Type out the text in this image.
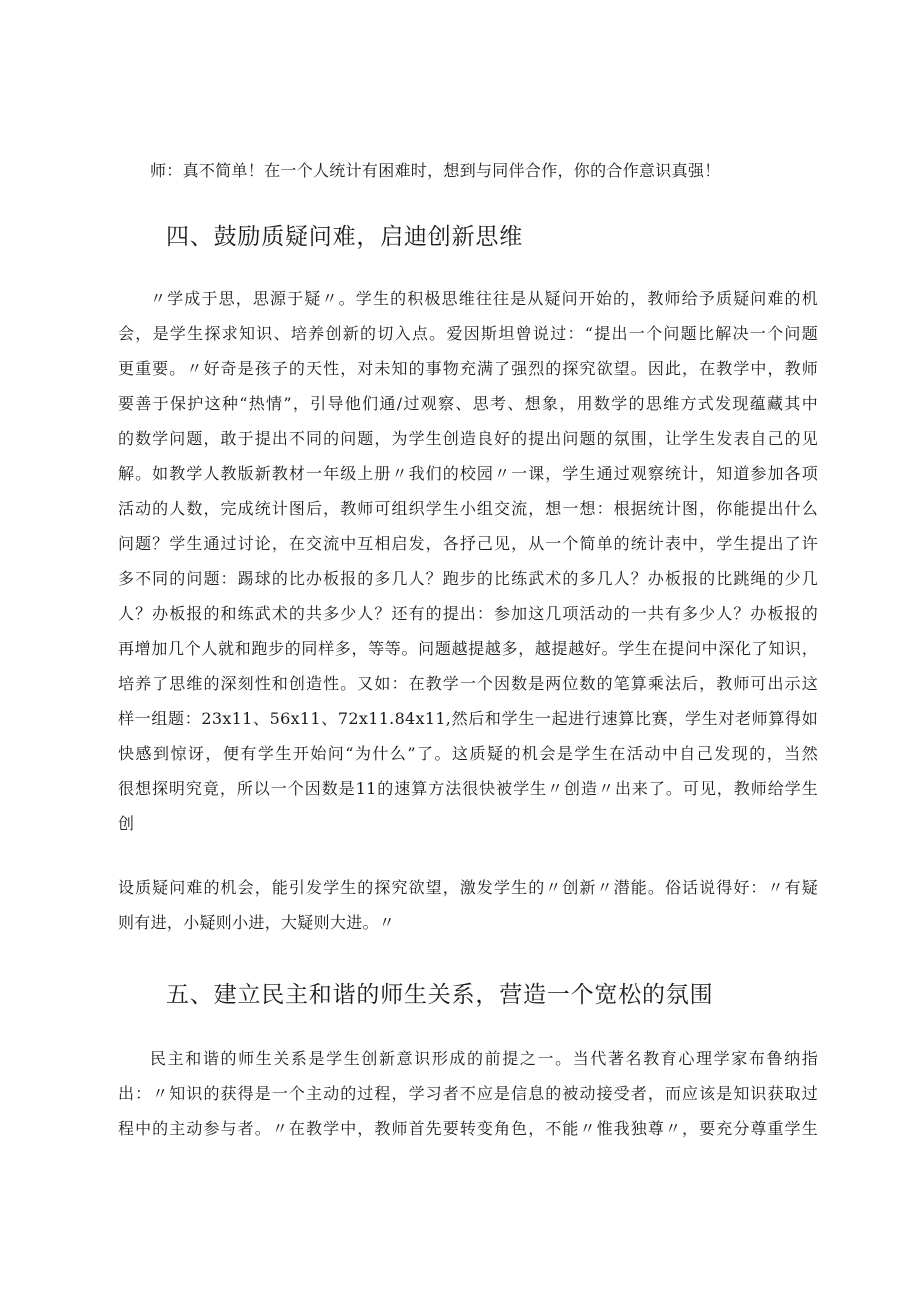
师：真不简单！在一个人统计有困难时，想到与同伴合作，你的合作意识真强！
四、鼓励质疑问难，启迪创新思维
〃学成于思，思源于疑〃。学生的积极思维往往是从疑问开始的，教师给予质疑问难的机
会，是学生探求知识、培养创新的切入点。爱因斯坦曾说过：“提出一个问题比解决一个问题
更重要。〃好奇是孩子的天性，对未知的事物充满了强烈的探究欲望。因此，在教学中，教师
要善于保护这种“热情”，引导他们通/过观察、思考、想象，用数学的思维方式发现蕴藏其中
的数学问题，敢于提出不同的问题，为学生创造良好的提出问题的氛围，让学生发表自己的见
解。如教学人教版新教材一年级上册〃我们的校园〃一课，学生通过观察统计，知道参加各项
活动的人数，完成统计图后，教师可组织学生小组交流，想一想：根据统计图，你能提出什么
问题？学生通过讨论，在交流中互相启发，各抒己见，从一个简单的统计表中，学生提出了许
多不同的问题：踢球的比办板报的多几人？跑步的比练武术的多几人？办板报的比跳绳的少几
人？办板报的和练武术的共多少人？还有的提出：参加这几项活动的一共有多少人？办板报的
再增加几个人就和跑步的同样多，等等。问题越提越多，越提越好。学生在提问中深化了知识，
培养了思维的深刻性和创造性。又如：在教学一个因数是两位数的笔算乘法后，教师可出示这
样一组题：23x11、56x11、72x11.84x11,然后和学生一起进行速算比赛，学生对老师算得如
快感到惊讶，便有学生开始问“为什么”了。这质疑的机会是学生在活动中自己发现的，当然
很想探明究竟，所以一个因数是11的速算方法很快被学生〃创造〃出来了。可见，教师给学生
创
设质疑问难的机会，能引发学生的探究欲望，激发学生的〃创新〃潜能。俗话说得好：〃有疑
则有进，小疑则小进，大疑则大进。〃
五、建立民主和谐的师生关系，营造一个宽松的氛围
民主和谐的师生关系是学生创新意识形成的前提之一。当代著名教育心理学家布鲁纳指
出：〃知识的获得是一个主动的过程，学习者不应是信息的被动接受者，而应该是知识获取过
程中的主动参与者。〃在教学中，教师首先要转变角色，不能〃惟我独尊〃，要充分尊重学生
